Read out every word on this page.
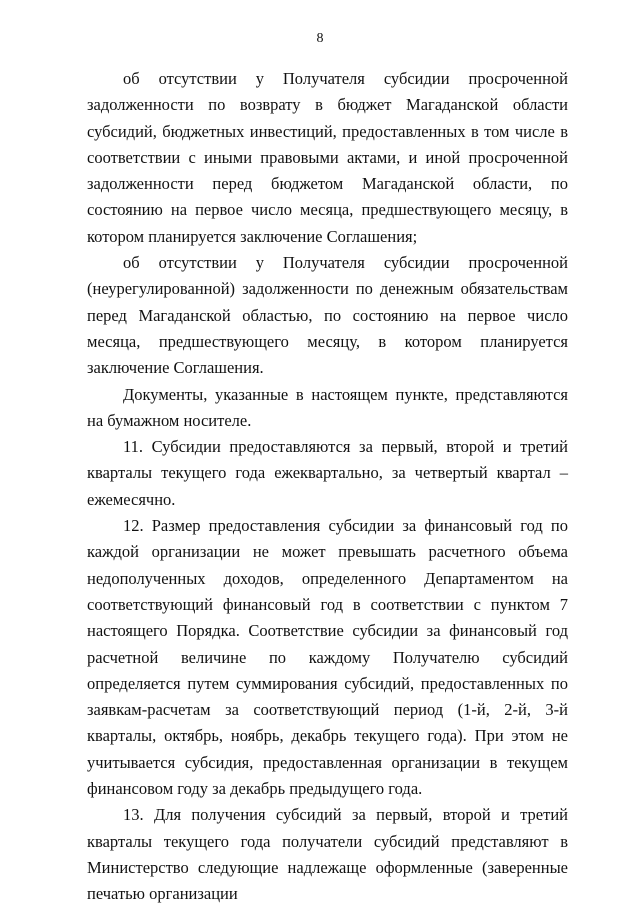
8

об отсутствии у Получателя субсидии просроченной задолженности по возврату в бюджет Магаданской области субсидий, бюджетных инвестиций, предоставленных в том числе в соответствии с иными правовыми актами, и иной просроченной задолженности перед бюджетом Магаданской области, по состоянию на первое число месяца, предшествующего месяцу, в котором планируется заключение Соглашения;

об отсутствии у Получателя субсидии просроченной (неурегулированной) задолженности по денежным обязательствам перед Магаданской областью, по состоянию на первое число месяца, предшествующего месяцу, в котором планируется заключение Соглашения.

Документы, указанные в настоящем пункте, представляются на бумажном носителе.

11. Субсидии предоставляются за первый, второй и третий кварталы текущего года ежеквартально, за четвертый квартал – ежемесячно.

12. Размер предоставления субсидии за финансовый год по каждой организации не может превышать расчетного объема недополученных доходов, определенного Департаментом на соответствующий финансовый год в соответствии с пунктом 7 настоящего Порядка. Соответствие субсидии за финансовый год расчетной величине по каждому Получателю субсидий определяется путем суммирования субсидий, предоставленных по заявкам-расчетам за соответствующий период (1-й, 2-й, 3-й кварталы, октябрь, ноябрь, декабрь текущего года). При этом не учитывается субсидия, предоставленная организации в текущем финансовом году за декабрь предыдущего года.

13. Для получения субсидий за первый, второй и третий кварталы текущего года получатели субсидий представляют в Министерство следующие надлежаще оформленные (заверенные печатью организации
